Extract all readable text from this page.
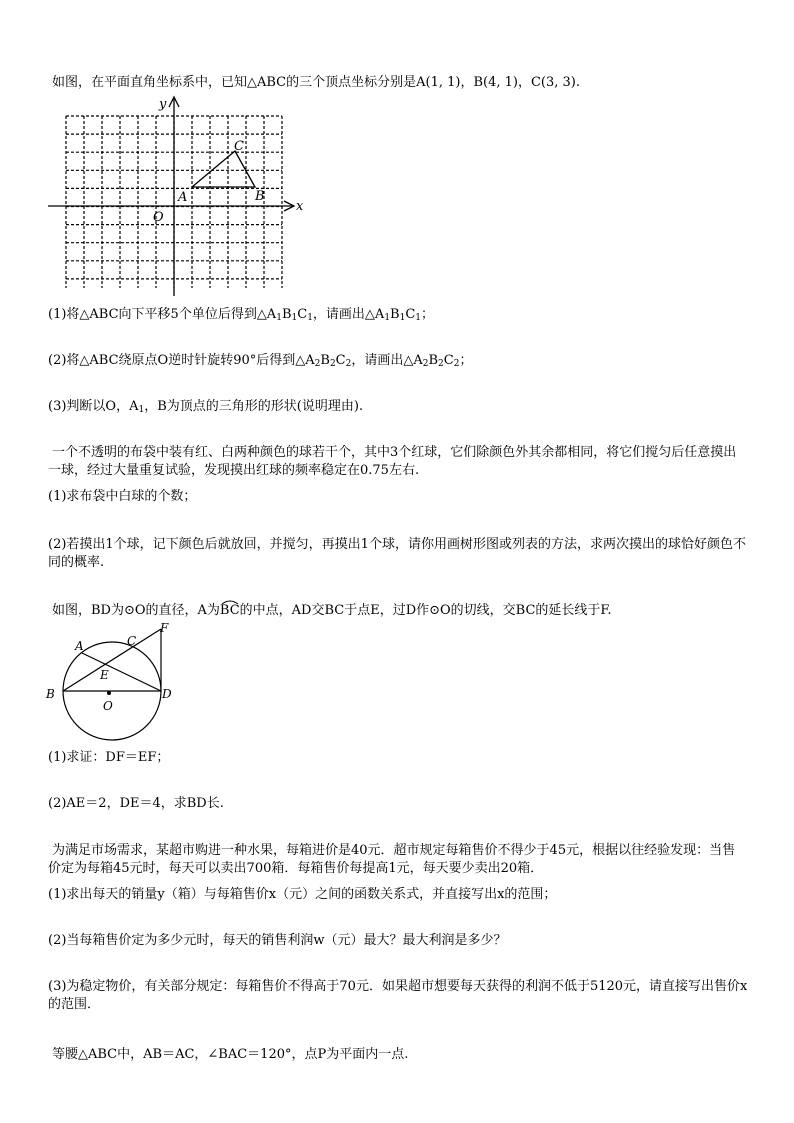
如图，在平面直角坐标系中，已知△ABC的三个顶点坐标分别是A(1, 1)，B(4, 1)，C(3, 3).
x
y
O
A	B
C
(1)将△ABC向下平移5个单位后得到$\triangle A_1B_1C_1$，请画出$\triangle A_1B_1C_1$；
(2)将△ABC绕原点O逆时针旋转90°后得到$\triangle A_2B_2C_2$，请画出$\triangle A_2B_2C_2$；
(3)判断以O，$A_1$，B为顶点的三角形的形状(说明理由).
一个不透明的布袋中装有红、白两种颜色的球若干个，其中3个红球，它们除颜色外其余都相同，将它们搅匀后任意摸出一球，经过大量重复试验，发现摸出红球的频率稳定在0.75左右.
(1)求布袋中白球的个数；
(2)若摸出1个球，记下颜色后就放回，并搅匀，再摸出1个球，请你用画树形图或列表的方法，求两次摸出的球恰好颜色不同的概率.
如图，BD为⊙O的直径，A为BC
的中点，AD交BC于点E，过D作⊙O的切线，交BC的延长线于F.
A
B
C
D
E
F
O
(1)求证：DF＝EF；
(2)AE＝2，DE＝4，求BD长.
为满足市场需求，某超市购进一种水果，每箱进价是40元．超市规定每箱售价不得少于45元，根据以往经验发现：当售价定为每箱45元时，每天可以卖出700箱．每箱售价每提高1元，每天要少卖出20箱．
(1)求出每天的销量y（箱）与每箱售价x（元）之间的函数关系式，并直接写出x的范围；
(2)当每箱售价定为多少元时，每天的销售利润w（元）最大？最大利润是多少？
(3)为稳定物价，有关部分规定：每箱售价不得高于70元．如果超市想要每天获得的利润不低于5120元，请直接写出售价x的范围．
等腰△ABC中，AB＝AC，∠BAC＝120°，点P为平面内一点.
